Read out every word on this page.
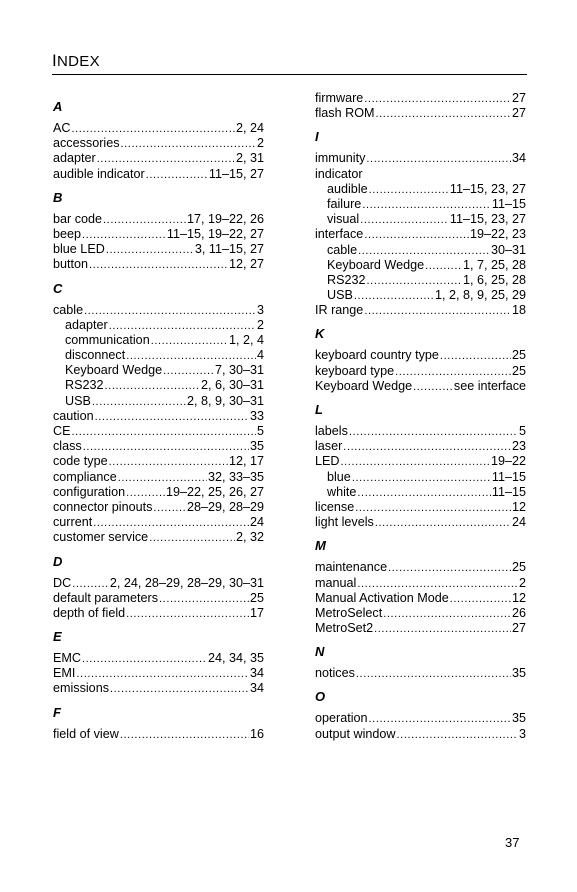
INDEX
A
AC .....	2, 24
accessories .....	2
adapter .....	2, 31
audible indicator .....	11–15, 27
B
bar code .....	17, 19–22, 26
beep .....	11–15, 19–22, 27
blue LED .....	3, 11–15, 27
button .....	12, 27
C
cable .....	3
adapter .....	2
communication .....	1, 2, 4
disconnect .....	4
Keyboard Wedge .....	7, 30–31
RS232 .....	2, 6, 30–31
USB .....	2, 8, 9, 30–31
caution .....	33
CE .....	5
class .....	35
code type .....	12, 17
compliance .....	32, 33–35
configuration .....	19–22, 25, 26, 27
connector pinouts .....	28–29, 28–29
current .....	24
customer service .....	2, 32
D
DC .....	2, 24, 28–29, 28–29, 30–31
default parameters .....	25
depth of field .....	17
E
EMC .....	24, 34, 35
EMI .....	34
emissions .....	34
F
field of view .....	16
firmware .....	27
flash ROM .....	27
I
immunity .....	34
indicator
audible .....	11–15, 23, 27
failure .....	11–15
visual .....	11–15, 23, 27
interface .....	19–22, 23
cable .....	30–31
Keyboard Wedge .....	1, 7, 25, 28
RS232 .....	1, 6, 25, 28
USB .....	1, 2, 8, 9, 25, 29
IR range .....	18
K
keyboard country type .....	25
keyboard type .....	25
Keyboard Wedge .....	see interface
L
labels .....	5
laser .....	23
LED .....	19–22
blue .....	11–15
white .....	11–15
license .....	12
light levels .....	24
M
maintenance .....	25
manual .....	2
Manual Activation Mode .....	12
MetroSelect .....	26
MetroSet2 .....	27
N
notices .....	35
O
operation .....	35
output window .....	3
37
